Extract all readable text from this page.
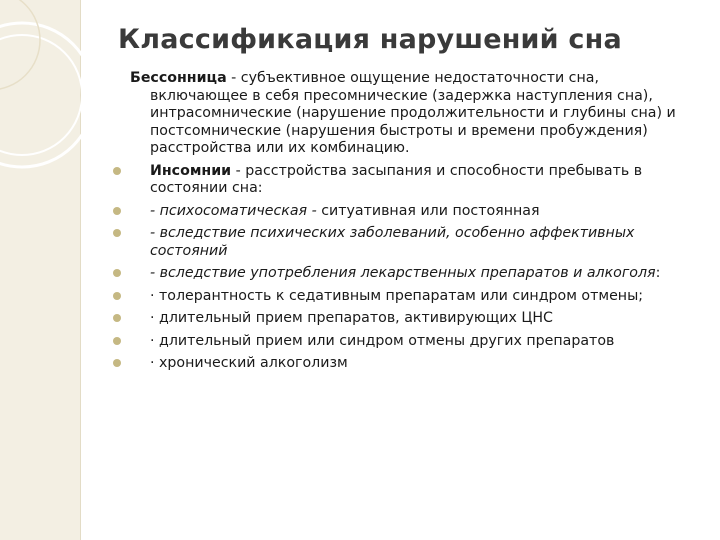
Классификация нарушений сна

Бессонница - субъективное ощущение недостаточности сна, включающее в себя пресомнические (задержка наступления сна), интрасомнические (нарушение продолжительности и глубины сна) и постсомнические (нарушения быстроты и времени пробуждения) расстройства или их комбинацию.

Инсомнии - расстройства засыпания и способности пребывать в состоянии сна:
- психосоматическая - ситуативная или постоянная
- вследствие психических заболеваний, особенно аффективных состояний
- вследствие употребления лекарственных препаратов и алкоголя:
· толерантность к седативным препаратам или синдром отмены;
· длительный прием препаратов, активирующих ЦНС
· длительный прием или синдром отмены других препаратов
· хронический алкоголизм
